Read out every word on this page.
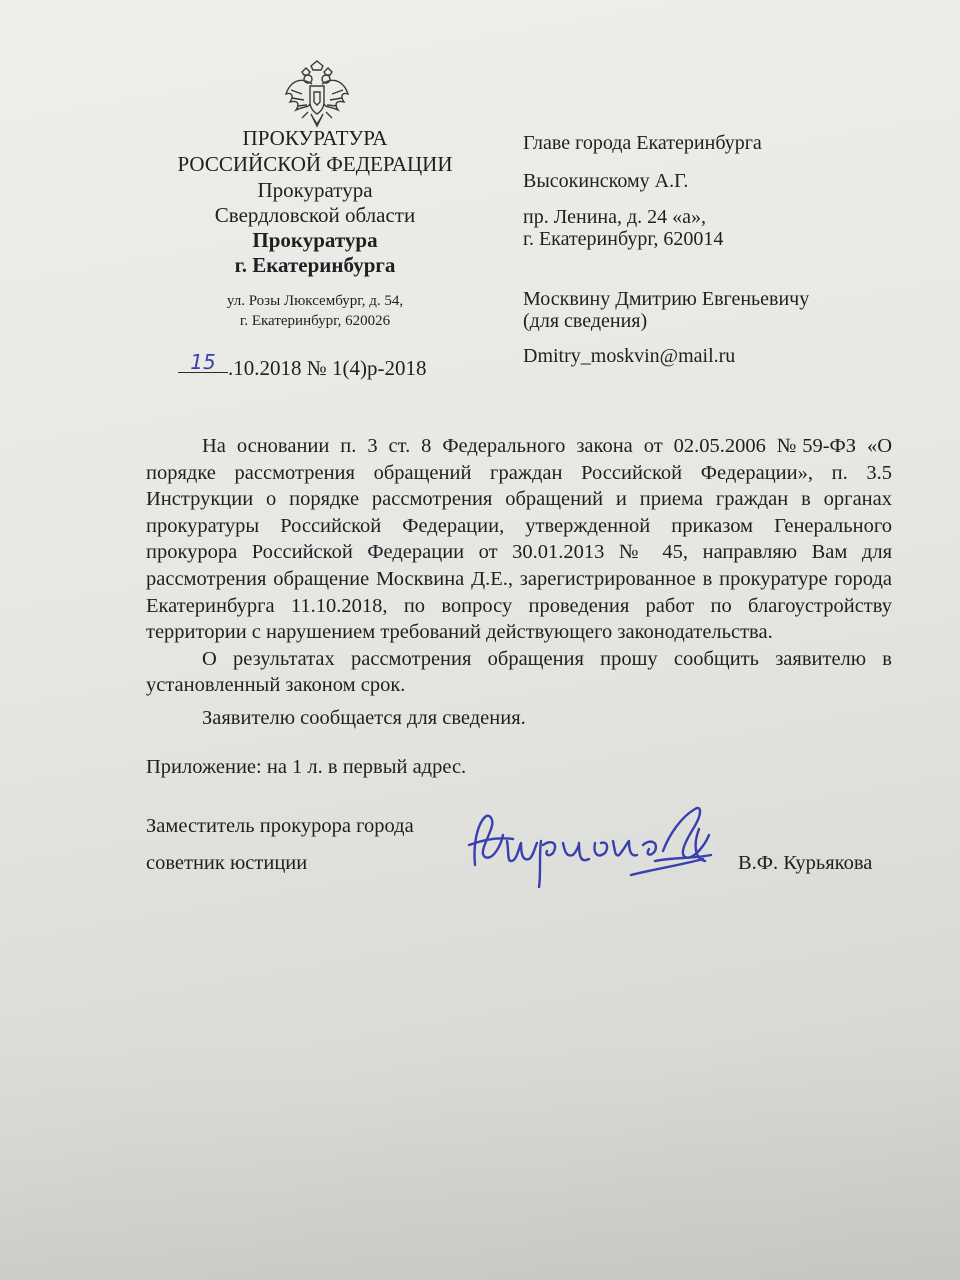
ПРОКУРАТУРА
РОССИЙСКОЙ ФЕДЕРАЦИИ
Прокуратура
Свердловской области
Прокуратура
г. Екатеринбурга
ул. Розы Люксембург, д. 54,
г. Екатеринбург, 620026
15 .10.2018 № 1(4)р-2018
Главе города Екатеринбурга
Высокинскому А.Г.
пр. Ленина, д. 24 «а»,
г. Екатеринбург, 620014
Москвину Дмитрию Евгеньевичу
(для сведения)
Dmitry_moskvin@mail.ru

На основании п. 3 ст. 8 Федерального закона от 02.05.2006 №59-ФЗ «О порядке рассмотрения обращений граждан Российской Федерации», п. 3.5 Инструкции о порядке рассмотрения обращений и приема граждан в органах прокуратуры Российской Федерации, утвержденной приказом Генерального прокурора Российской Федерации от 30.01.2013 № 45, направляю Вам для рассмотрения обращение Москвина Д.Е., зарегистрированное в прокуратуре города Екатеринбурга 11.10.2018, по вопросу проведения работ по благоустройству территории с нарушением требований действующего законодательства.

О результатах рассмотрения обращения прошу сообщить заявителю в установленный законом срок.

Заявителю сообщается для сведения.

Приложение: на 1 л. в первый адрес.
Заместитель прокурора города
советник юстиции	В.Ф. Курьякова
